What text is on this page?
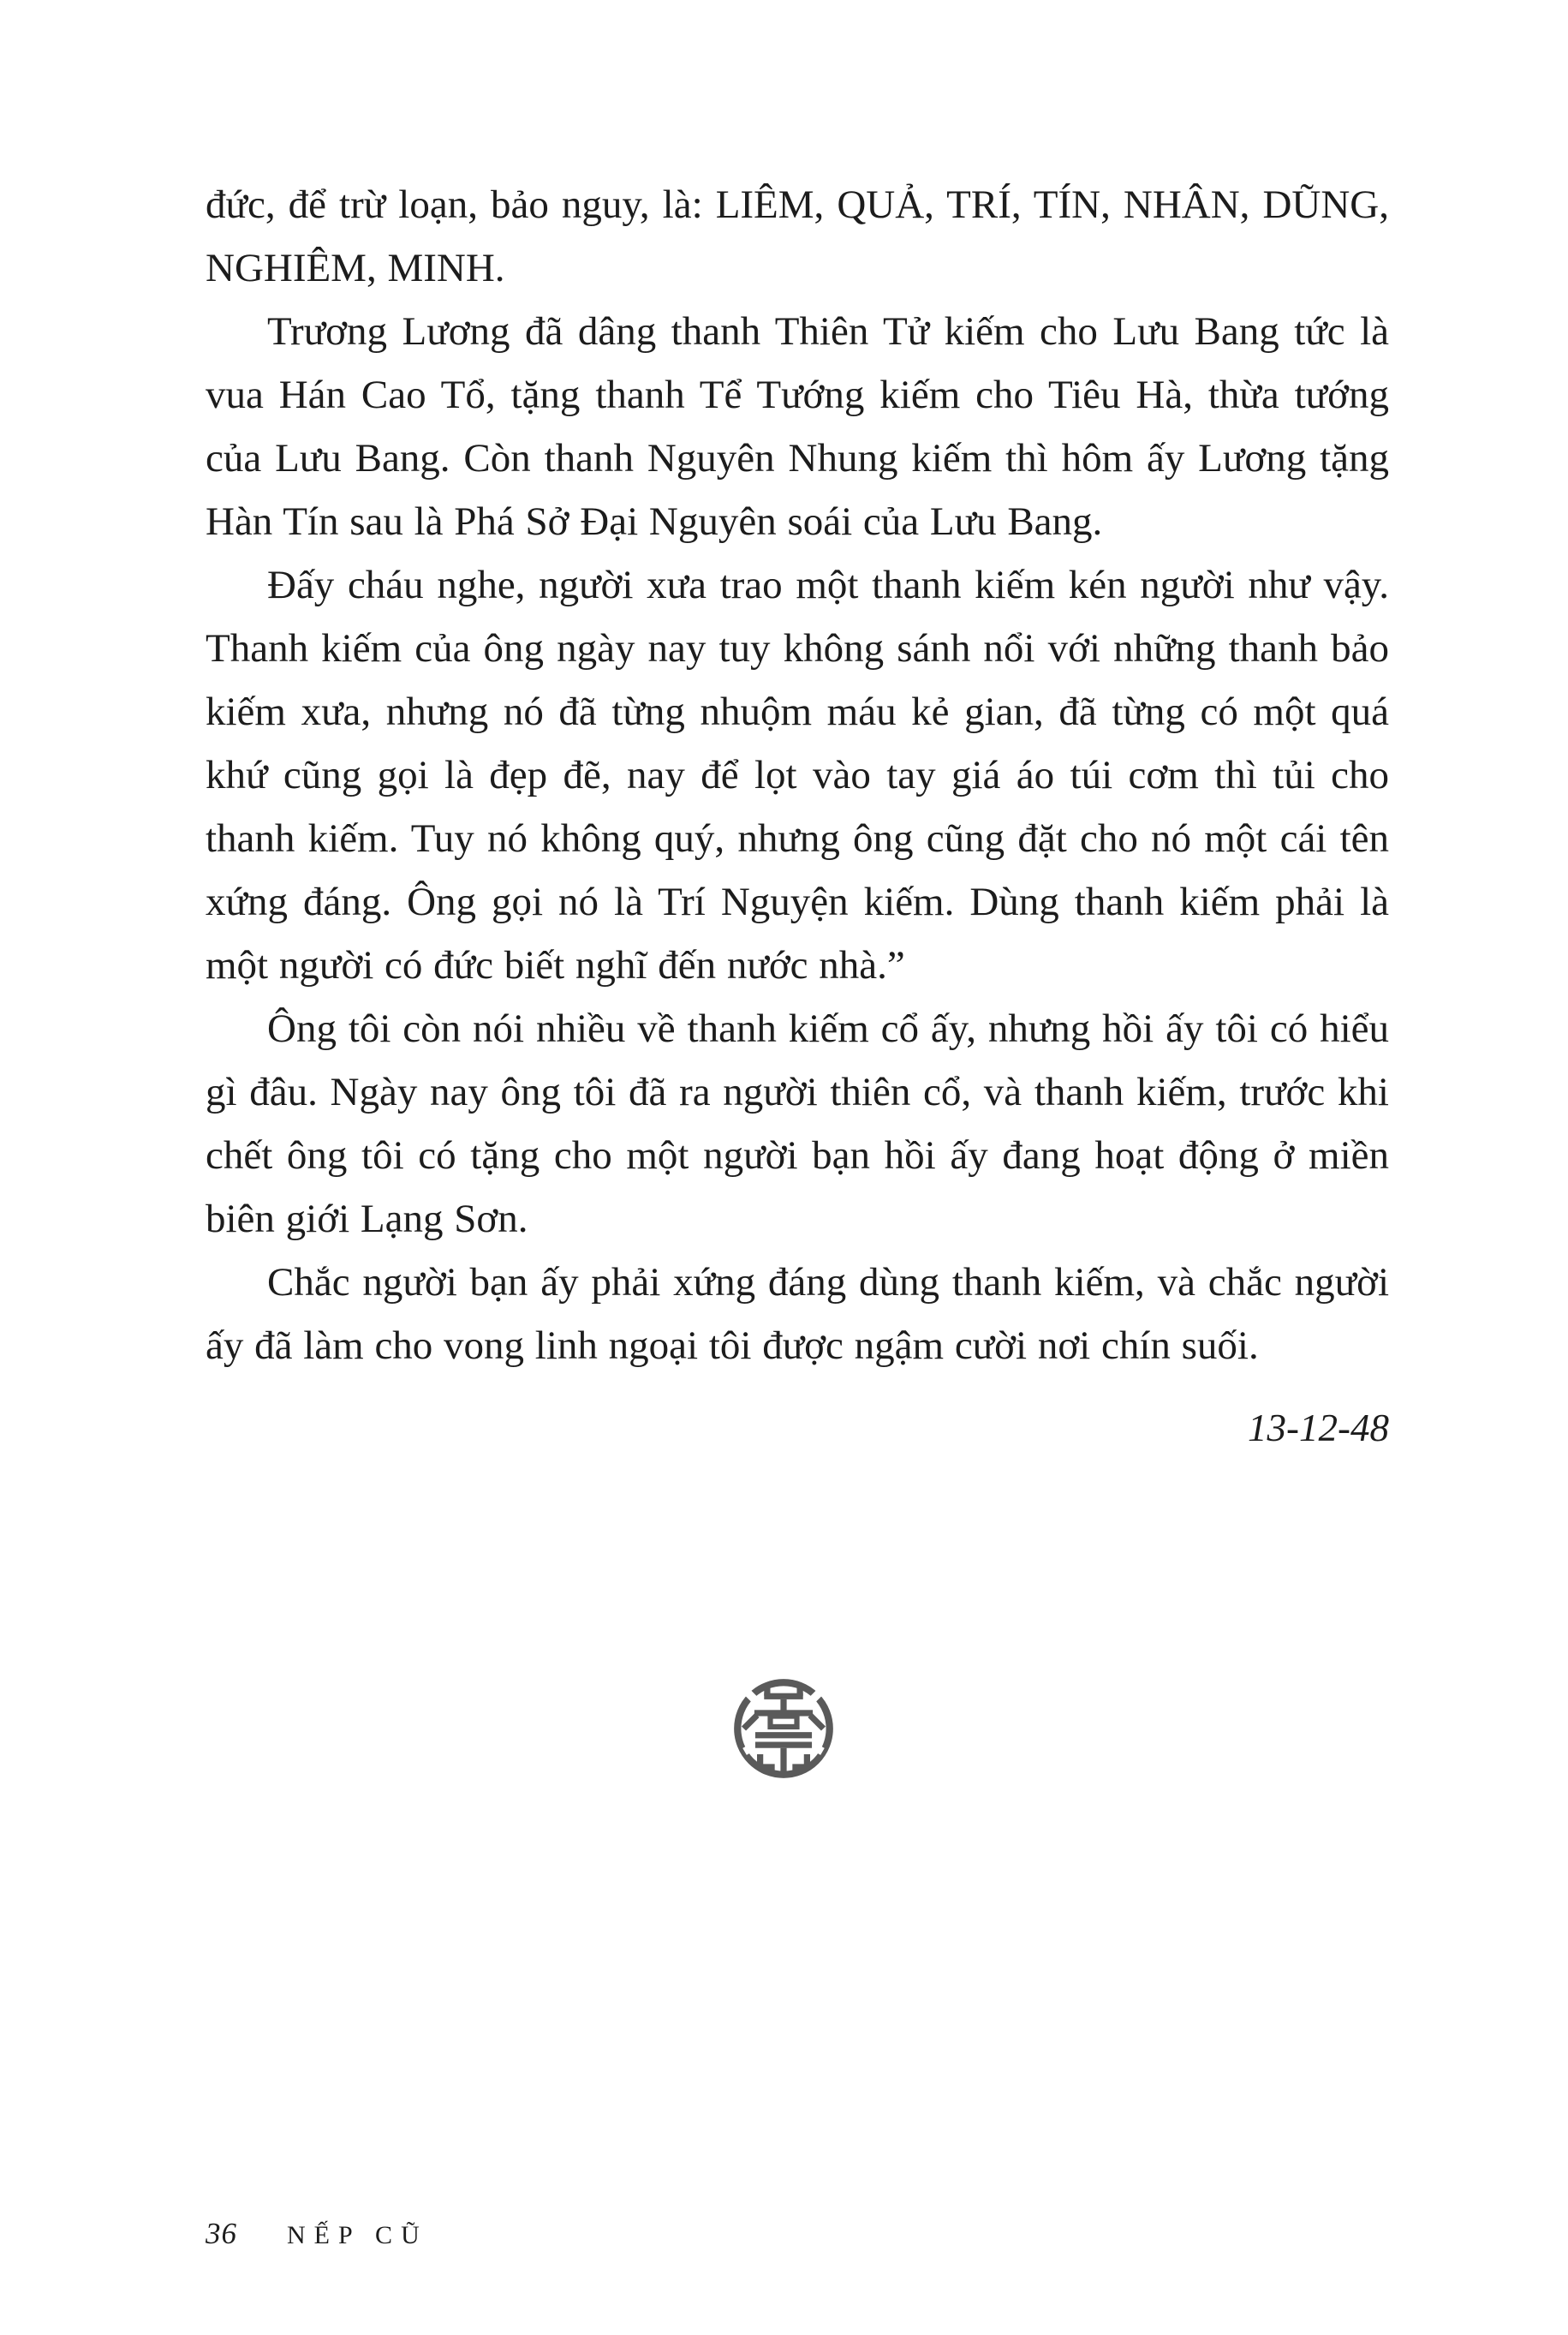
đức, để trừ loạn, bảo nguy, là: LIÊM, QUẢ, TRÍ, TÍN, NHÂN, DŨNG, NGHIÊM, MINH.

Trương Lương đã dâng thanh Thiên Tử kiếm cho Lưu Bang tức là vua Hán Cao Tổ, tặng thanh Tể Tướng kiếm cho Tiêu Hà, thừa tướng của Lưu Bang. Còn thanh Nguyên Nhung kiếm thì hôm ấy Lương tặng Hàn Tín sau là Phá Sở Đại Nguyên soái của Lưu Bang.

Đấy cháu nghe, người xưa trao một thanh kiếm kén người như vậy. Thanh kiếm của ông ngày nay tuy không sánh nổi với những thanh bảo kiếm xưa, nhưng nó đã từng nhuộm máu kẻ gian, đã từng có một quá khứ cũng gọi là đẹp đẽ, nay để lọt vào tay giá áo túi cơm thì tủi cho thanh kiếm. Tuy nó không quý, nhưng ông cũng đặt cho nó một cái tên xứng đáng. Ông gọi nó là Trí Nguyện kiếm. Dùng thanh kiếm phải là một người có đức biết nghĩ đến nước nhà.”

Ông tôi còn nói nhiều về thanh kiếm cổ ấy, nhưng hồi ấy tôi có hiểu gì đâu. Ngày nay ông tôi đã ra người thiên cổ, và thanh kiếm, trước khi chết ông tôi có tặng cho một người bạn hồi ấy đang hoạt động ở miền biên giới Lạng Sơn.

Chắc người bạn ấy phải xứng đáng dùng thanh kiếm, và chắc người ấy đã làm cho vong linh ngoại tôi được ngậm cười nơi chín suối.

13-12-48

36 NẾP CŨ
